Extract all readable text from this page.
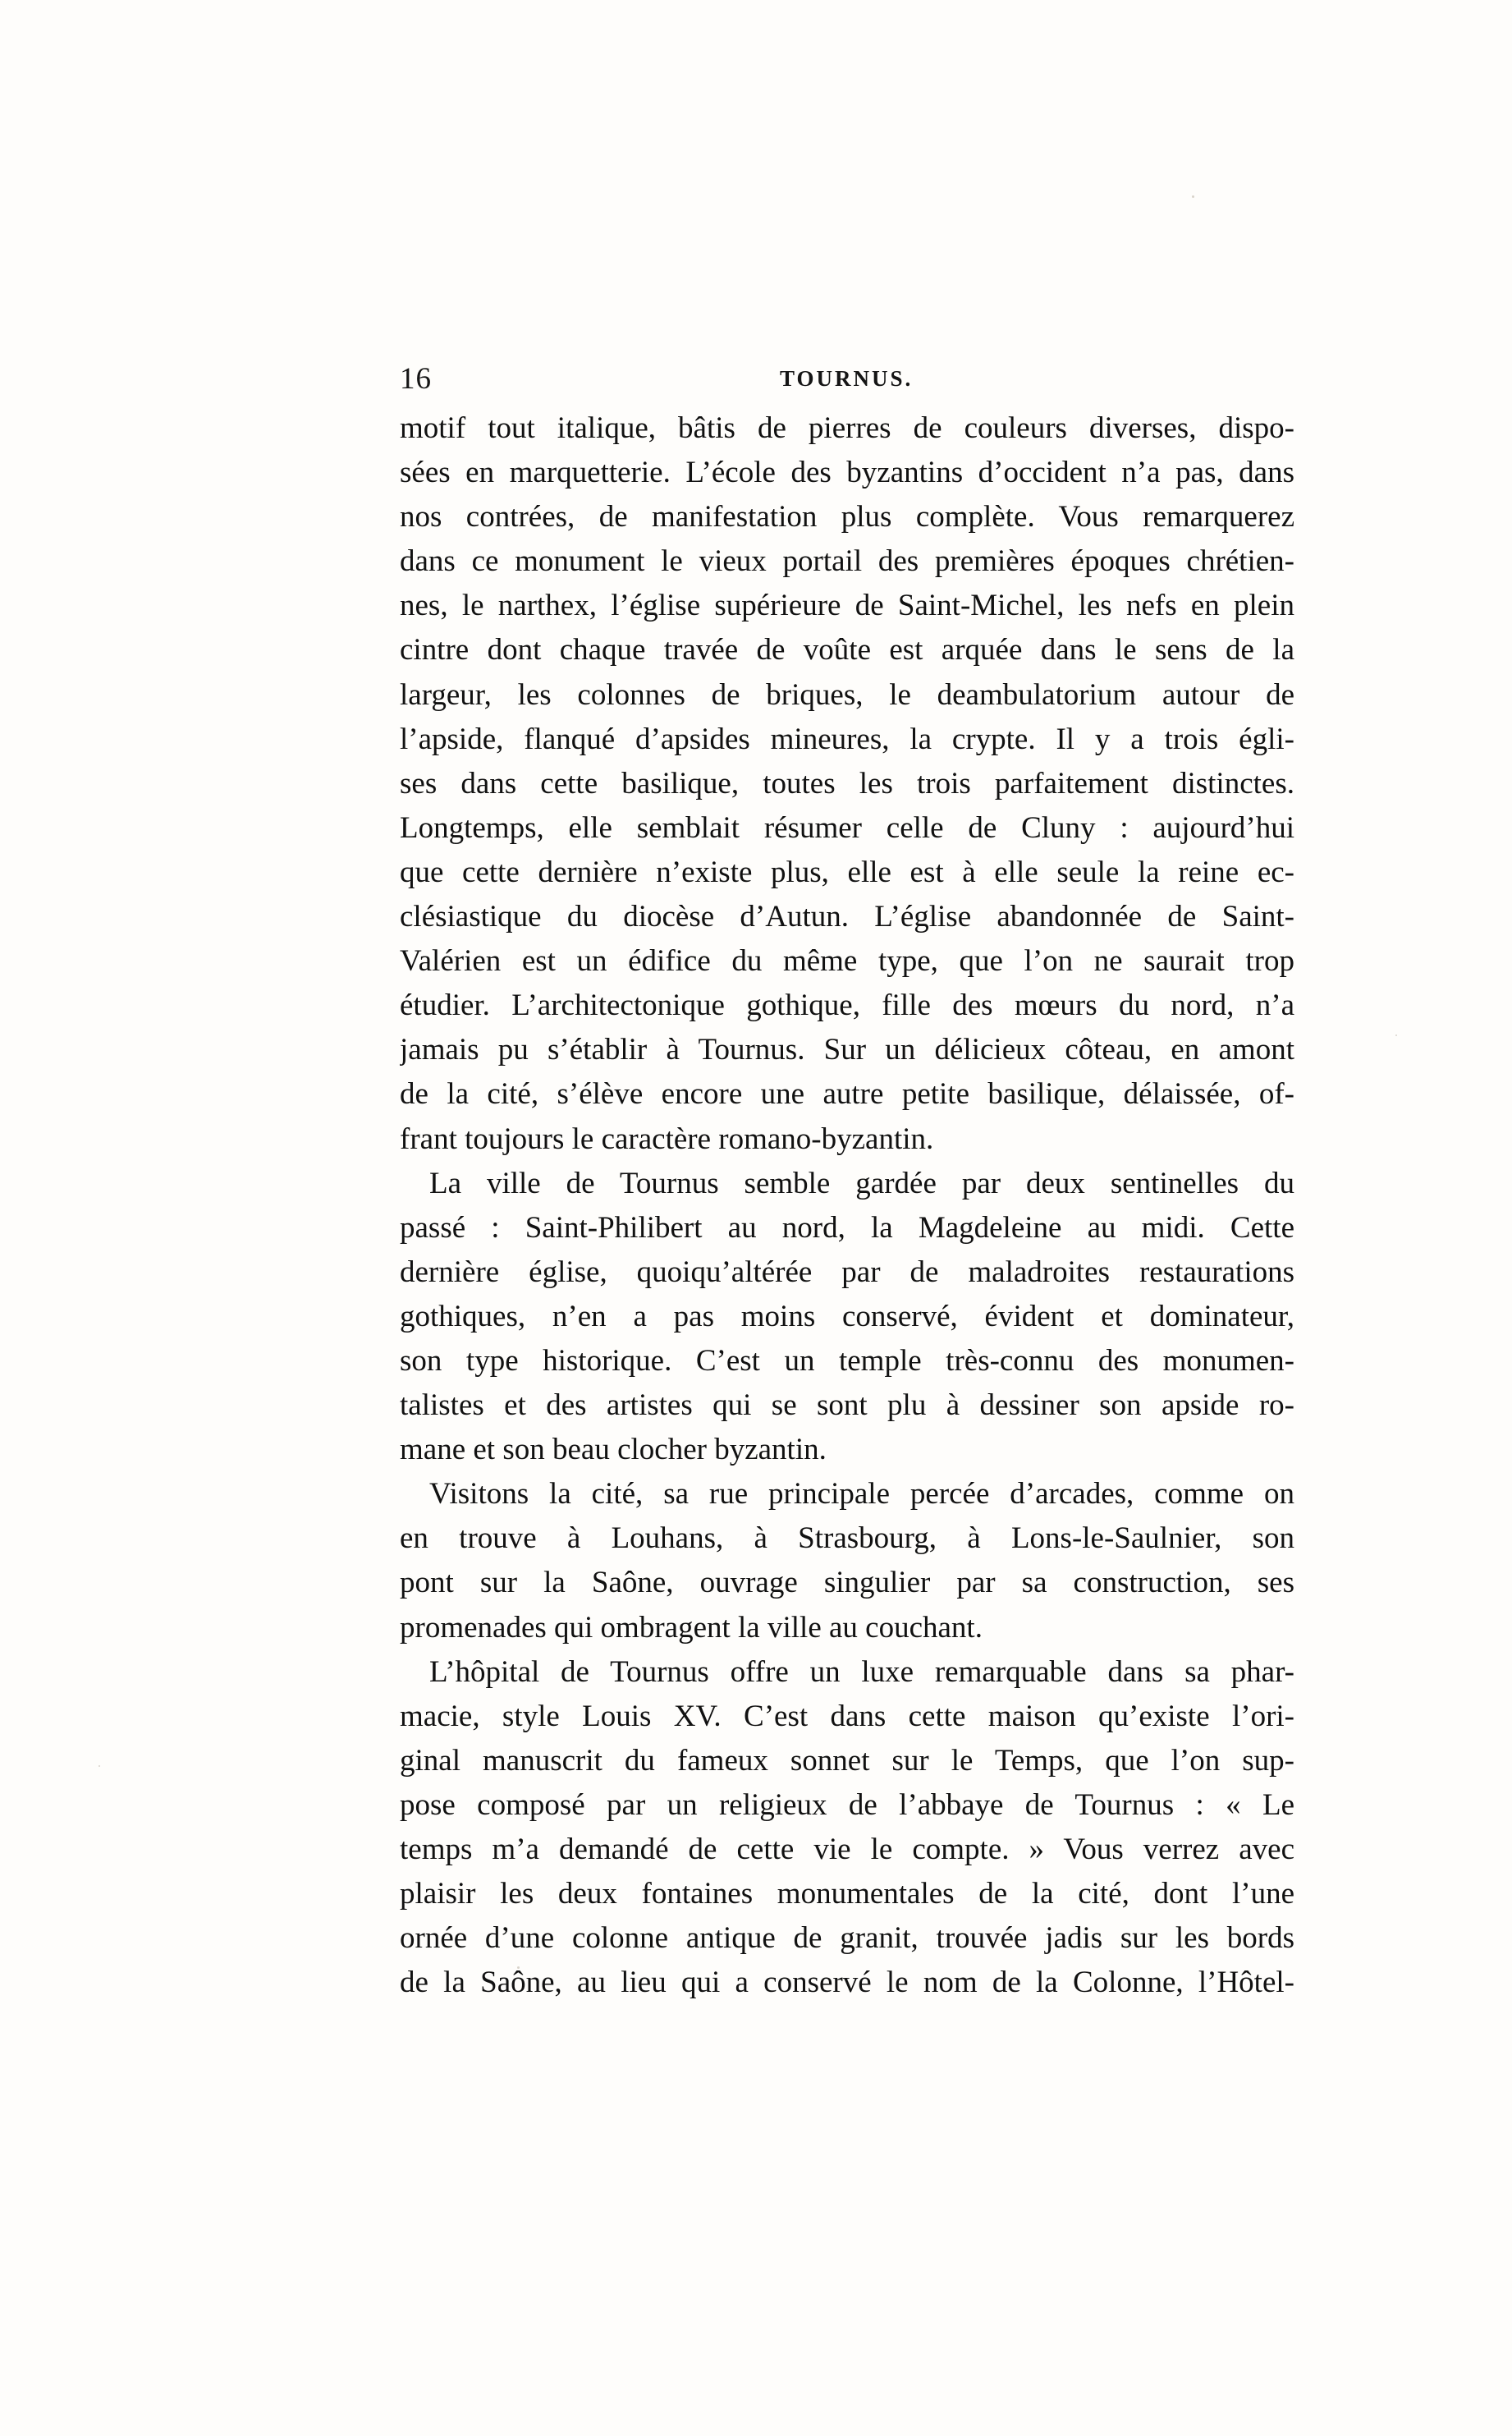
16	TOURNUS.
motif tout italique, bâtis de pierres de couleurs diverses, dispo-
sées en marquetterie. L’école des byzantins d’occident n’a pas, dans
nos contrées, de manifestation plus complète. Vous remarquerez
dans ce monument le vieux portail des premières époques chrétien-
nes, le narthex, l’église supérieure de Saint-Michel, les nefs en plein
cintre dont chaque travée de voûte est arquée dans le sens de la
largeur, les colonnes de briques, le deambulatorium autour de
l’apside, flanqué d’apsides mineures, la crypte. Il y a trois égli-
ses dans cette basilique, toutes les trois parfaitement distinctes.
Longtemps, elle semblait résumer celle de Cluny : aujourd’hui
que cette dernière n’existe plus, elle est à elle seule la reine ec-
clésiastique du diocèse d’Autun. L’église abandonnée de Saint-
Valérien est un édifice du même type, que l’on ne saurait trop
étudier. L’architectonique gothique, fille des mœurs du nord, n’a
jamais pu s’établir à Tournus. Sur un délicieux côteau, en amont
de la cité, s’élève encore une autre petite basilique, délaissée, of-
frant toujours le caractère romano-byzantin.
La ville de Tournus semble gardée par deux sentinelles du
passé : Saint-Philibert au nord, la Magdeleine au midi. Cette
dernière église, quoiqu’altérée par de maladroites restaurations
gothiques, n’en a pas moins conservé, évident et dominateur,
son type historique. C’est un temple très-connu des monumen-
talistes et des artistes qui se sont plu à dessiner son apside ro-
mane et son beau clocher byzantin.
Visitons la cité, sa rue principale percée d’arcades, comme on
en trouve à Louhans, à Strasbourg, à Lons-le-Saulnier, son
pont sur la Saône, ouvrage singulier par sa construction, ses
promenades qui ombragent la ville au couchant.
L’hôpital de Tournus offre un luxe remarquable dans sa phar-
macie, style Louis XV. C’est dans cette maison qu’existe l’ori-
ginal manuscrit du fameux sonnet sur le Temps, que l’on sup-
pose composé par un religieux de l’abbaye de Tournus : « Le
temps m’a demandé de cette vie le compte. » Vous verrez avec
plaisir les deux fontaines monumentales de la cité, dont l’une
ornée d’une colonne antique de granit, trouvée jadis sur les bords
de la Saône, au lieu qui a conservé le nom de la Colonne, l’Hôtel-
